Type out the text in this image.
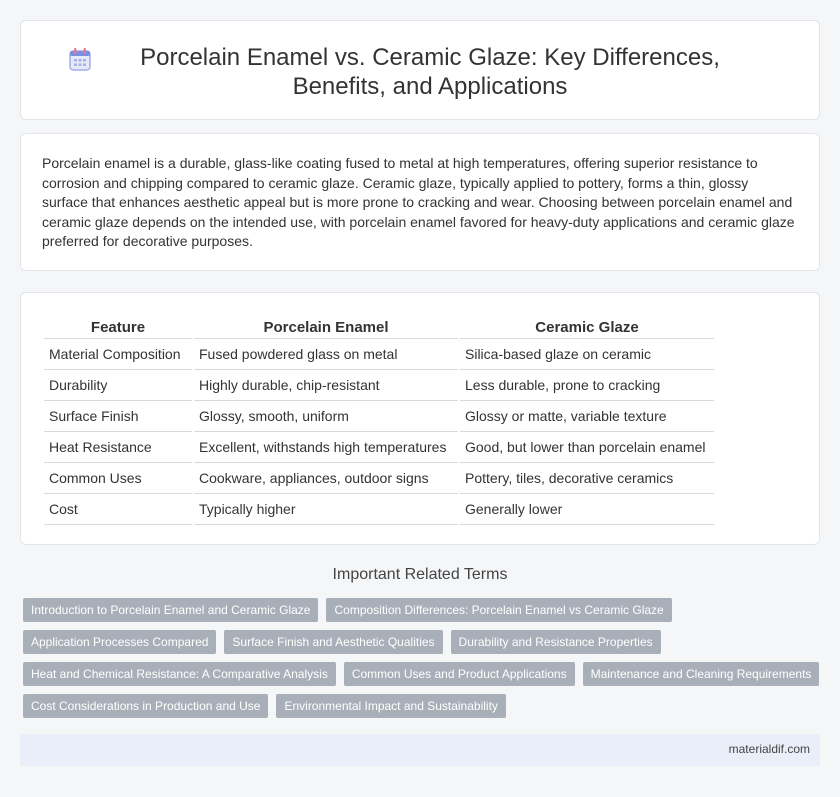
Porcelain Enamel vs. Ceramic Glaze: Key Differences, Benefits, and Applications

Porcelain enamel is a durable, glass-like coating fused to metal at high temperatures, offering superior resistance to corrosion and chipping compared to ceramic glaze. Ceramic glaze, typically applied to pottery, forms a thin, glossy surface that enhances aesthetic appeal but is more prone to cracking and wear. Choosing between porcelain enamel and ceramic glaze depends on the intended use, with porcelain enamel favored for heavy-duty applications and ceramic glaze preferred for decorative purposes.

Feature	Porcelain Enamel	Ceramic Glaze
Material Composition	Fused powdered glass on metal	Silica-based glaze on ceramic
Durability	Highly durable, chip-resistant	Less durable, prone to cracking
Surface Finish	Glossy, smooth, uniform	Glossy or matte, variable texture
Heat Resistance	Excellent, withstands high temperatures	Good, but lower than porcelain enamel
Common Uses	Cookware, appliances, outdoor signs	Pottery, tiles, decorative ceramics
Cost	Typically higher	Generally lower
Important Related Terms
Introduction to Porcelain Enamel and Ceramic Glaze	Composition Differences: Porcelain Enamel vs Ceramic Glaze
Application Processes Compared	Surface Finish and Aesthetic Qualities	Durability and Resistance Properties
Heat and Chemical Resistance: A Comparative Analysis	Common Uses and Product Applications	Maintenance and Cleaning Requirements
Cost Considerations in Production and Use	Environmental Impact and Sustainability
materialdif.com
